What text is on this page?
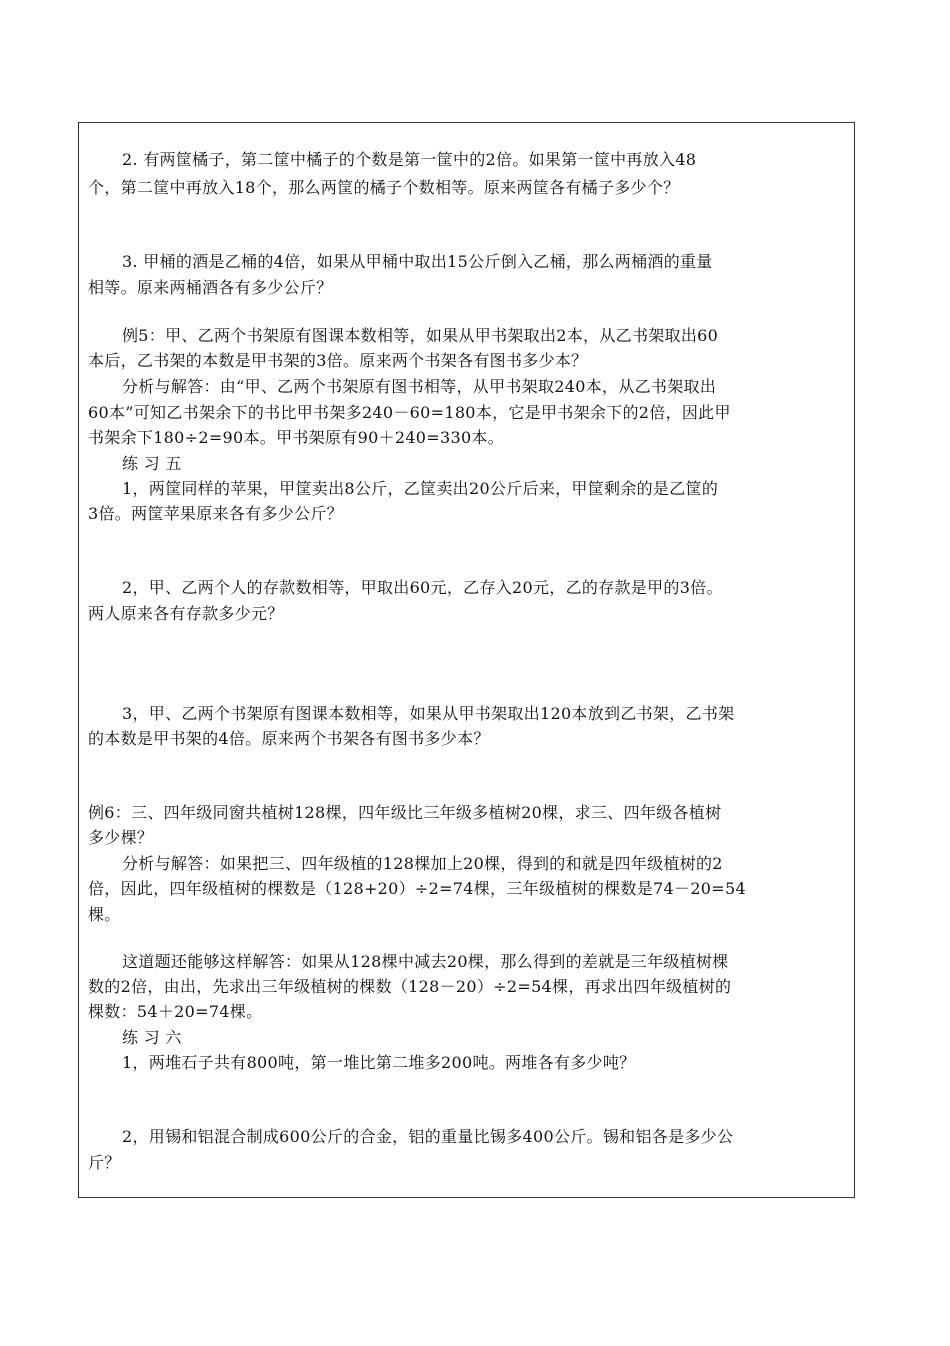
2. 有两筐橘子，第二筐中橘子的个数是第一筐中的2倍。如果第一筐中再放入48
个，第二筐中再放入18个，那么两筐的橘子个数相等。原来两筐各有橘子多少个？
3. 甲桶的酒是乙桶的4倍，如果从甲桶中取出15公斤倒入乙桶，那么两桶酒的重量
相等。原来两桶酒各有多少公斤？
例5：甲、乙两个书架原有图课本数相等，如果从甲书架取出2本，从乙书架取出60
本后，乙书架的本数是甲书架的3倍。原来两个书架各有图书多少本？
分析与解答：由“甲、乙两个书架原有图书相等，从甲书架取240本，从乙书架取出
60本”可知乙书架余下的书比甲书架多240－60=180本，它是甲书架余下的2倍，因此甲
书架余下180÷2=90本。甲书架原有90＋240=330本。
练 习 五
1，两筐同样的苹果，甲筐卖出8公斤，乙筐卖出20公斤后来，甲筐剩余的是乙筐的
3倍。两筐苹果原来各有多少公斤？
2，甲、乙两个人的存款数相等，甲取出60元，乙存入20元，乙的存款是甲的3倍。
两人原来各有存款多少元？
3，甲、乙两个书架原有图课本数相等，如果从甲书架取出120本放到乙书架，乙书架
的本数是甲书架的4倍。原来两个书架各有图书多少本？
例6：三、四年级同窗共植树128棵，四年级比三年级多植树20棵，求三、四年级各植树
多少棵？
分析与解答：如果把三、四年级植的128棵加上20棵，得到的和就是四年级植树的2
倍，因此，四年级植树的棵数是（128+20）÷2=74棵，三年级植树的棵数是74－20=54
棵。
这道题还能够这样解答：如果从128棵中减去20棵，那么得到的差就是三年级植树棵
数的2倍，由出，先求出三年级植树的棵数（128－20）÷2=54棵，再求出四年级植树的
棵数：54＋20=74棵。
练 习 六
1，两堆石子共有800吨，第一堆比第二堆多200吨。两堆各有多少吨？
2，用锡和铝混合制成600公斤的合金，铝的重量比锡多400公斤。锡和铝各是多少公
斤？
